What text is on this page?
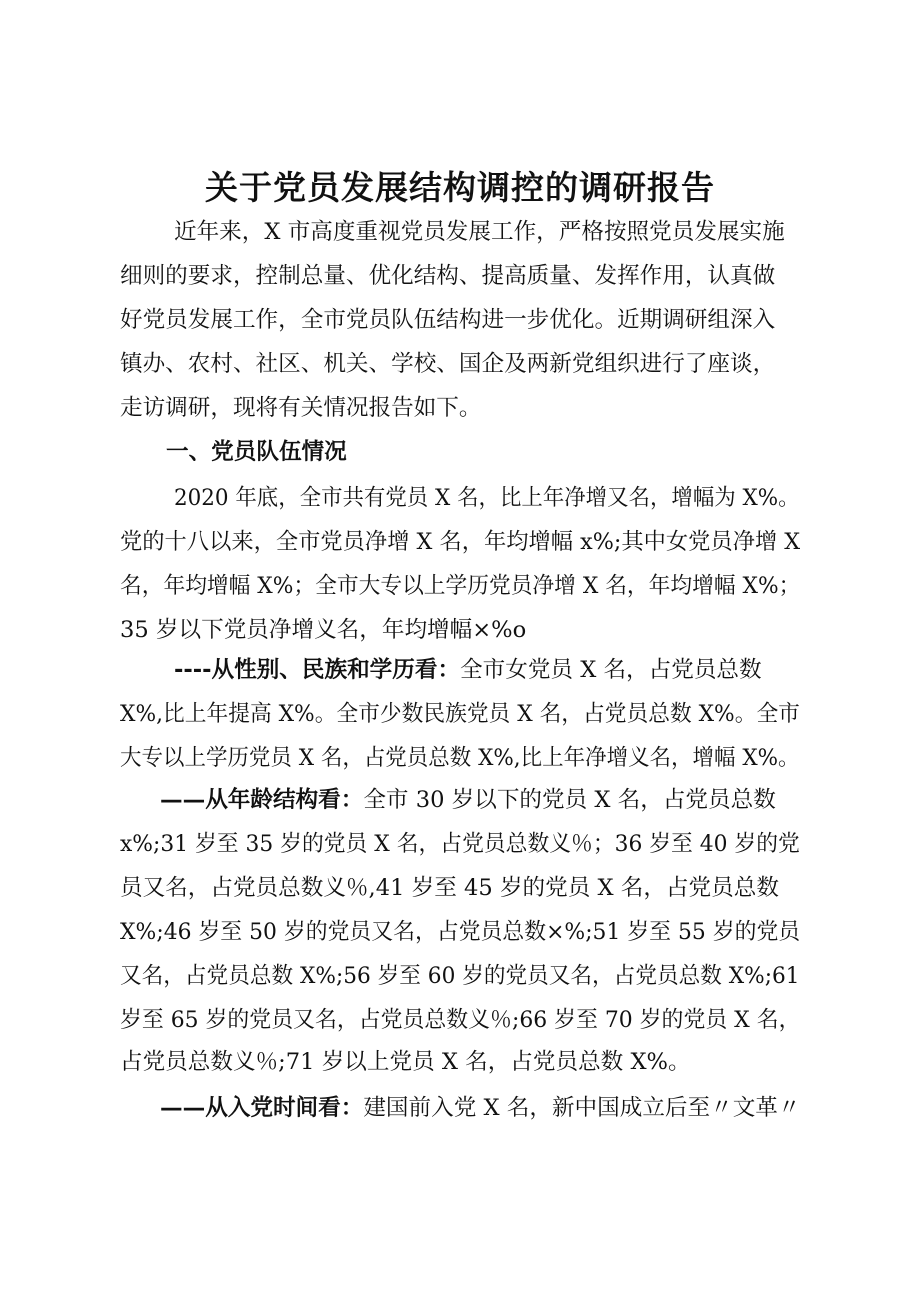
关于党员发展结构调控的调研报告
近年来，X 市高度重视党员发展工作，严格按照党员发展实施
细则的要求，控制总量、优化结构、提高质量、发挥作用，认真做
好党员发展工作，全市党员队伍结构进一步优化。近期调研组深入
镇办、农村、社区、机关、学校、国企及两新党组织进行了座谈，
走访调研，现将有关情况报告如下。
一、党员队伍情况
2020 年底，全市共有党员 X 名，比上年净增又名，增幅为 X%。
党的十八以来，全市党员净增 X 名，年均增幅 x%;其中女党员净增 X
名，年均增幅 X%；全市大专以上学历党员净增 X 名，年均增幅 X%；
35 岁以下党员净增义名，年均增幅×%o
----从性别、民族和学历看：全市女党员 X 名，占党员总数
X%,比上年提高 X%。全市少数民族党员 X 名，占党员总数 X%。全市
大专以上学历党员 X 名，占党员总数 X%,比上年净增义名，增幅 X%。
——从年龄结构看：全市 30 岁以下的党员 X 名，占党员总数
x%;31 岁至 35 岁的党员 X 名，占党员总数义％；36 岁至 40 岁的党
员又名，占党员总数义％,41 岁至 45 岁的党员 X 名，占党员总数
X%;46 岁至 50 岁的党员又名，占党员总数×%;51 岁至 55 岁的党员
又名，占党员总数 X%;56 岁至 60 岁的党员又名，占党员总数 X%;61
岁至 65 岁的党员又名，占党员总数义％;66 岁至 70 岁的党员 X 名，
占党员总数义％;71 岁以上党员 X 名，占党员总数 X%。
——从入党时间看：建国前入党 X 名，新中国成立后至〃文革〃
